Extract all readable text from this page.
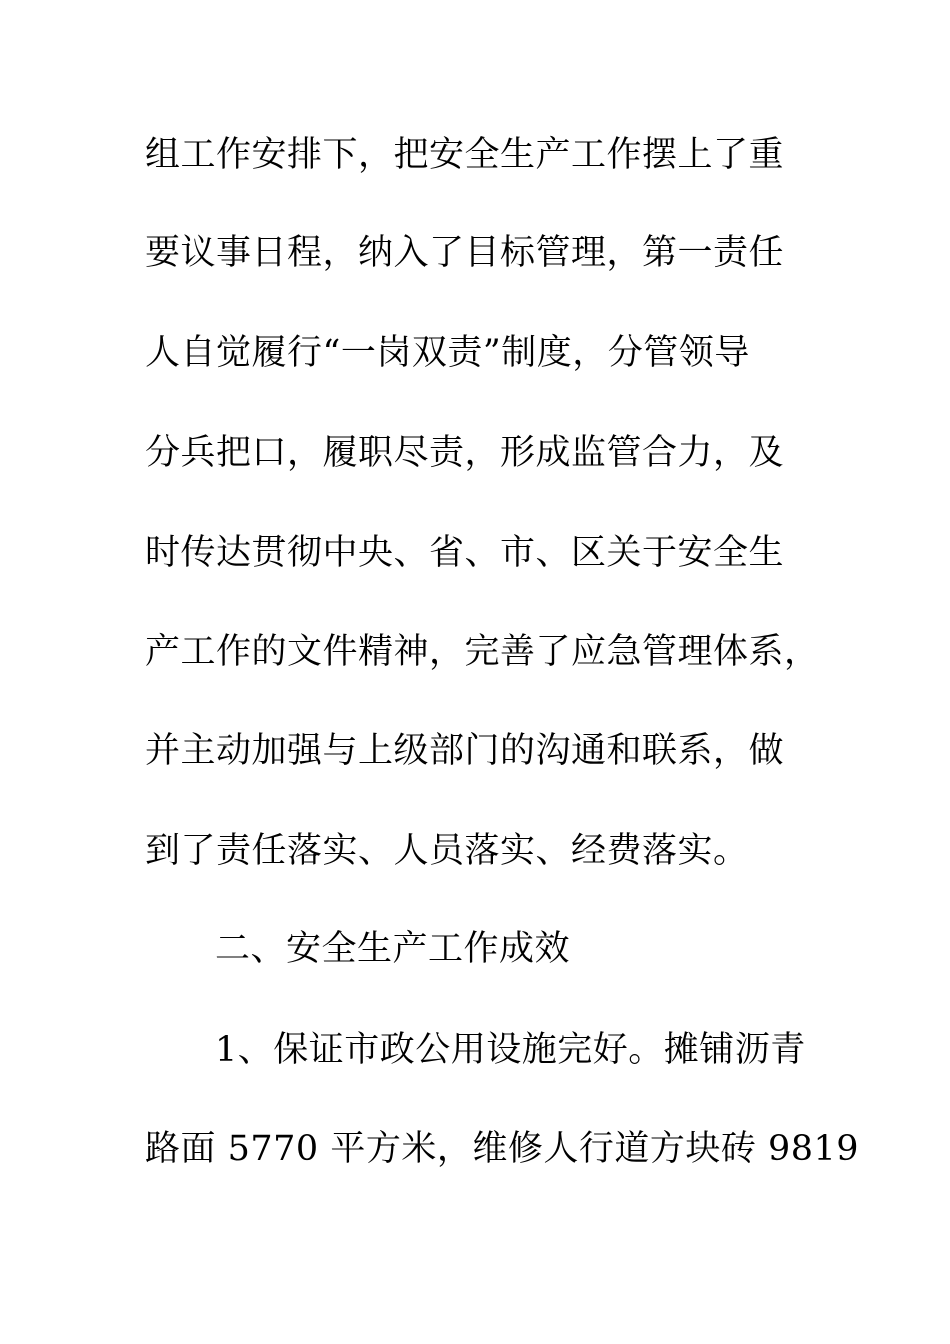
组工作安排下，把安全生产工作摆上了重
要议事日程，纳入了目标管理，第一责任
人自觉履行“一岗双责”制度，分管领导
分兵把口，履职尽责，形成监管合力，及
时传达贯彻中央、省、市、区关于安全生
产工作的文件精神，完善了应急管理体系，
并主动加强与上级部门的沟通和联系，做
到了责任落实、人员落实、经费落实。
二、安全生产工作成效
1、保证市政公用设施完好。摊铺沥青
路面 5770 平方米，维修人行道方块砖 9819
